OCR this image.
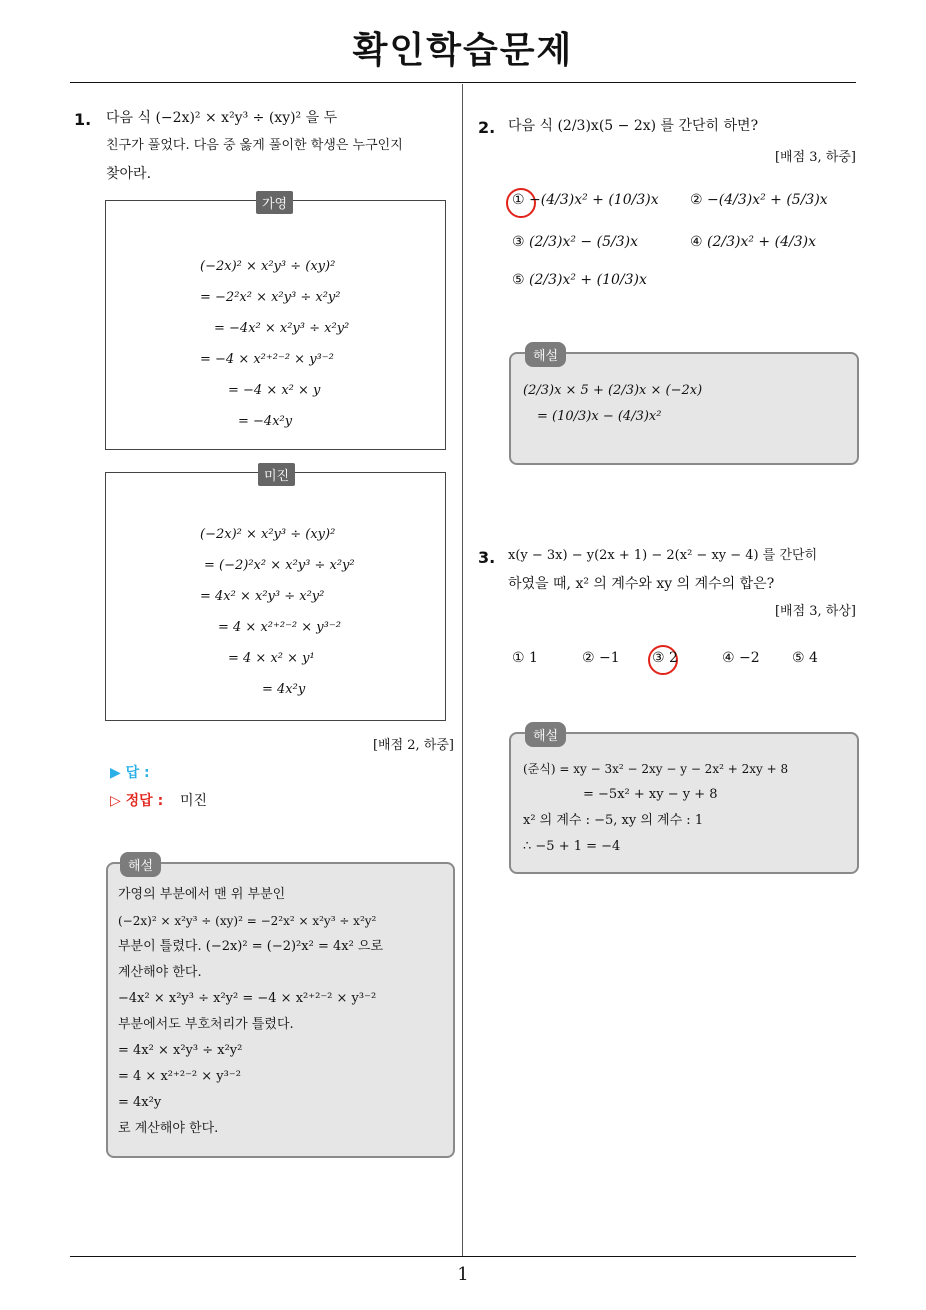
확인학습문제
1
1. 다음 식 (−2x)² × x²y³ ÷ (xy)² 을 두
친구가 풀었다. 다음 중 옳게 풀이한 학생은 누구인지
찾아라.
가영
(−2x)² × x²y³ ÷ (xy)²
= −2²x² × x²y³ ÷ x²y²
= −4x² × x²y³ ÷ x²y²
= −4 × x²⁺²⁻² × y³⁻²
= −4 × x² × y
= −4x²y
미진
(−2x)² × x²y³ ÷ (xy)²
= (−2)²x² × x²y³ ÷ x²y²
= 4x² × x²y³ ÷ x²y²
= 4 × x²⁺²⁻² × y³⁻²
= 4 × x² × y¹
= 4x²y
[배점 2, 하중]
▶ 답 :
▷ 정답 : 미진
해설
가영의 부분에서 맨 위 부분인
(−2x)² × x²y³ ÷ (xy)² = −2²x² × x²y³ ÷ x²y²
부분이 틀렸다. (−2x)² = (−2)²x² = 4x² 으로
계산해야 한다.
−4x² × x²y³ ÷ x²y² = −4 × x²⁺²⁻² × y³⁻²
부분에서도 부호처리가 틀렸다.
= 4x² × x²y³ ÷ x²y²
= 4 × x²⁺²⁻² × y³⁻²
= 4x²y
로 계산해야 한다.
2. 다음 식 (2/3)x(5 − 2x) 를 간단히 하면?
[배점 3, 하중]
① −(4/3)x² + (10/3)x ② −(4/3)x² + (5/3)x
③ (2/3)x² − (5/3)x	④ (2/3)x² + (4/3)x
⑤ (2/3)x² + (10/3)x
해설
(2/3)x × 5 + (2/3)x × (−2x)
= (10/3)x − (4/3)x²
3. x(y − 3x) − y(2x + 1) − 2(x² − xy − 4) 를 간단히
하였을 때, x² 의 계수와 xy 의 계수의 합은?
[배점 3, 하상]
① 1	② −1 ③ 2	④ −2 ⑤ 4
해설
(준식) = xy − 3x² − 2xy − y − 2x² + 2xy + 8
= −5x² + xy − y + 8
x² 의 계수 : −5, xy 의 계수 : 1
∴ −5 + 1 = −4
